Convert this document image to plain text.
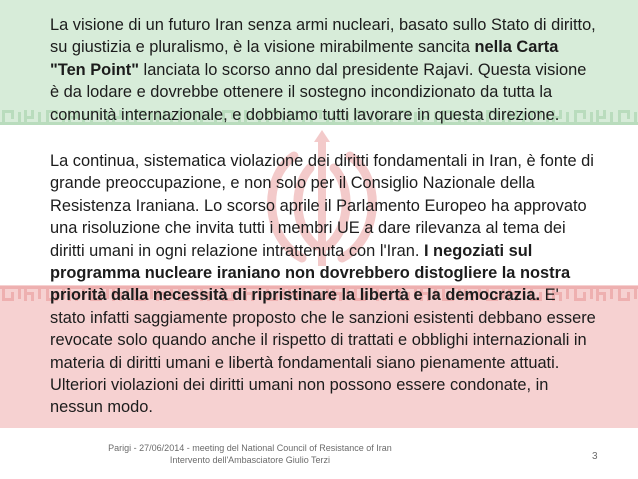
La visione di un futuro Iran senza armi nucleari, basato sullo Stato di diritto, su giustizia e pluralismo, è la visione mirabilmente sancita nella Carta "Ten Point" lanciata lo scorso anno dal presidente Rajavi. Questa visione è da lodare e dovrebbe ottenere il sostegno incondizionato da tutta la comunità internazionale, e dobbiamo tutti lavorare in questa direzione.

La continua, sistematica violazione dei diritti fondamentali in Iran, è fonte di grande preoccupazione, e non solo per il Consiglio Nazionale della Resistenza Iraniana. Lo scorso aprile il Parlamento Europeo ha approvato una risoluzione che invita tutti i membri UE a dare rilevanza al tema dei diritti umani in ogni relazione intrattenuta con l'Iran. I negoziati sul programma nucleare iraniano non dovrebbero distogliere la nostra priorità dalla necessità di ripristinare la libertà e la democrazia. E' stato infatti saggiamente proposto che le sanzioni esistenti debbano essere revocate solo quando anche il rispetto di trattati e obblighi internazionali in materia di diritti umani e libertà fondamentali siano pienamente attuati. Ulteriori violazioni dei diritti umani non possono essere condonate, in nessun modo.

Parigi - 27/06/2014 - meeting del National Council of Resistance of Iran
Intervento dell'Ambasciatore Giulio Terzi	3
